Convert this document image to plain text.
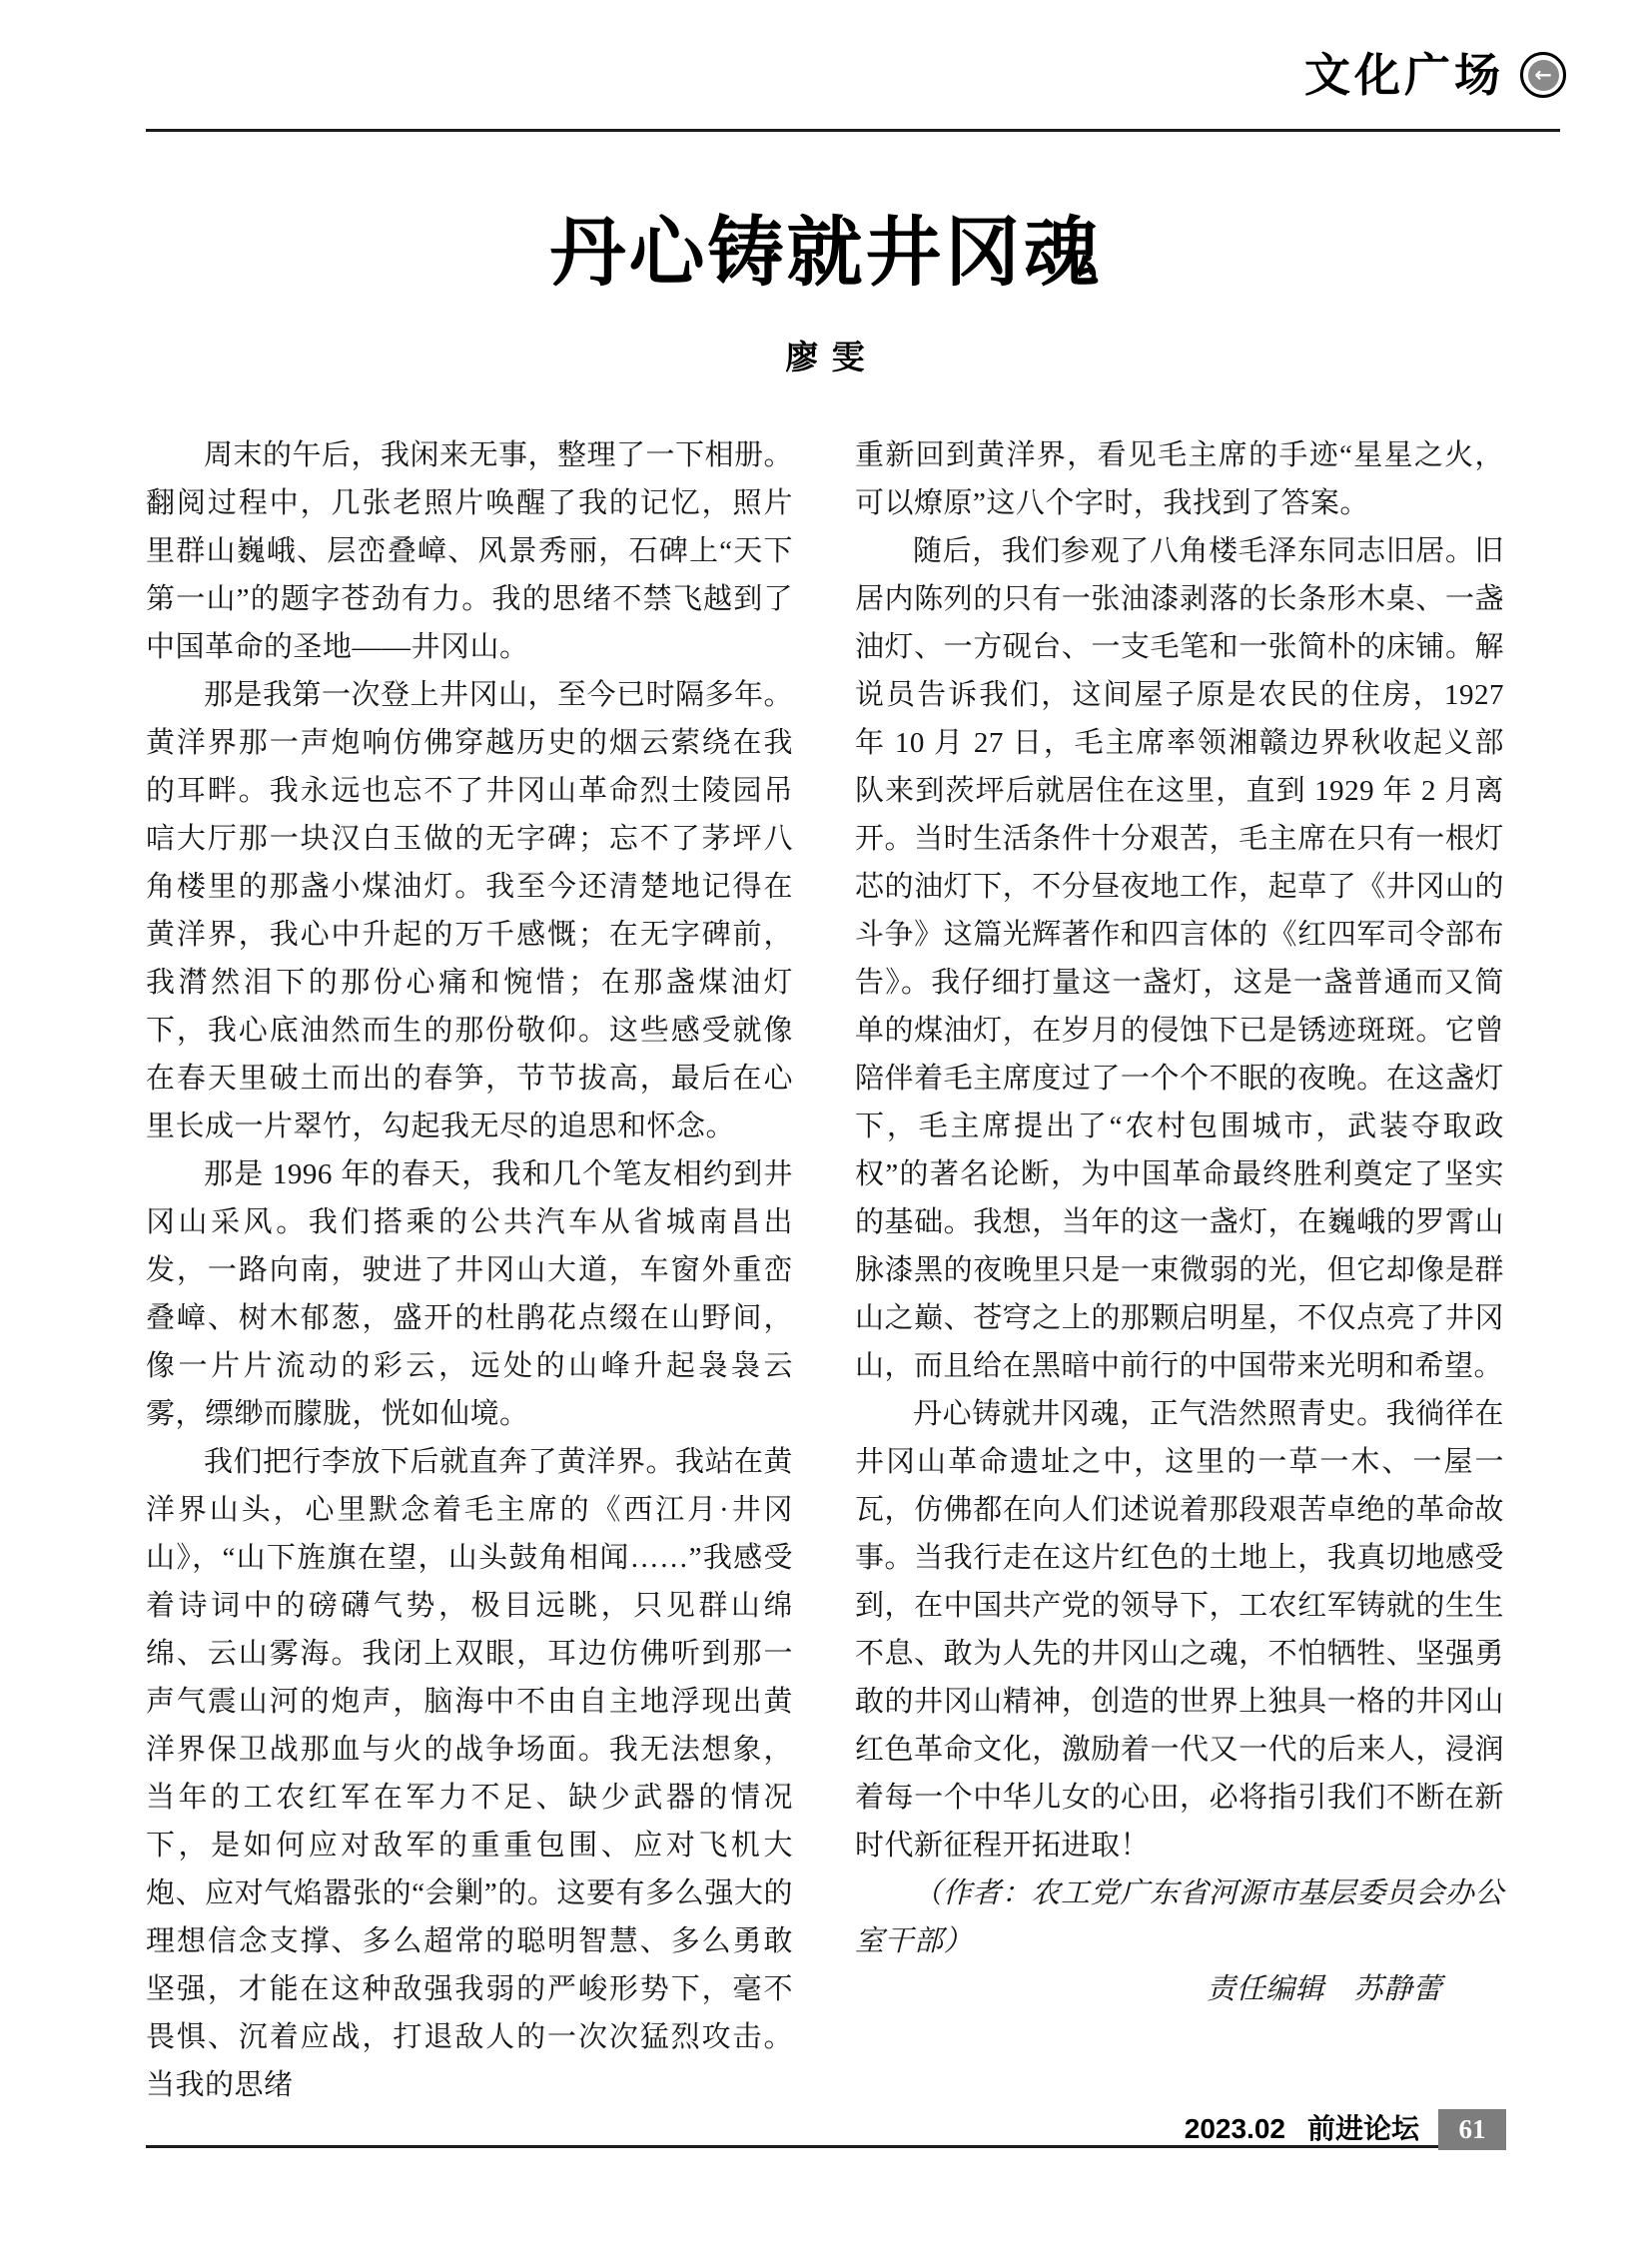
文化广场	←
丹心铸就井冈魂
廖 雯

周末的午后，我闲来无事，整理了一下相册。翻阅过程中，几张老照片唤醒了我的记忆，照片里群山巍峨、层峦叠嶂、风景秀丽，石碑上“天下第一山”的题字苍劲有力。我的思绪不禁飞越到了中国革命的圣地——井冈山。

那是我第一次登上井冈山，至今已时隔多年。黄洋界那一声炮响仿佛穿越历史的烟云萦绕在我的耳畔。我永远也忘不了井冈山革命烈士陵园吊唁大厅那一块汉白玉做的无字碑；忘不了茅坪八角楼里的那盏小煤油灯。我至今还清楚地记得在黄洋界，我心中升起的万千感慨；在无字碑前，我潸然泪下的那份心痛和惋惜；在那盏煤油灯下，我心底油然而生的那份敬仰。这些感受就像在春天里破土而出的春笋，节节拔高，最后在心里长成一片翠竹，勾起我无尽的追思和怀念。

那是 1996 年的春天，我和几个笔友相约到井冈山采风。我们搭乘的公共汽车从省城南昌出发，一路向南，驶进了井冈山大道，车窗外重峦叠嶂、树木郁葱，盛开的杜鹃花点缀在山野间，像一片片流动的彩云，远处的山峰升起袅袅云雾，缥缈而朦胧，恍如仙境。

我们把行李放下后就直奔了黄洋界。我站在黄洋界山头，心里默念着毛主席的《西江月·井冈山》，“山下旌旗在望，山头鼓角相闻……”我感受着诗词中的磅礴气势，极目远眺，只见群山绵绵、云山雾海。我闭上双眼，耳边仿佛听到那一声气震山河的炮声，脑海中不由自主地浮现出黄洋界保卫战那血与火的战争场面。我无法想象，当年的工农红军在军力不足、缺少武器的情况下，是如何应对敌军的重重包围、应对飞机大炮、应对气焰嚣张的“会剿”的。这要有多么强大的理想信念支撑、多么超常的聪明智慧、多么勇敢坚强，才能在这种敌强我弱的严峻形势下，毫不畏惧、沉着应战，打退敌人的一次次猛烈攻击。当我的思绪

重新回到黄洋界，看见毛主席的手迹“星星之火，可以燎原”这八个字时，我找到了答案。

随后，我们参观了八角楼毛泽东同志旧居。旧居内陈列的只有一张油漆剥落的长条形木桌、一盏油灯、一方砚台、一支毛笔和一张简朴的床铺。解说员告诉我们，这间屋子原是农民的住房，1927 年 10 月 27 日，毛主席率领湘赣边界秋收起义部队来到茨坪后就居住在这里，直到 1929 年 2 月离开。当时生活条件十分艰苦，毛主席在只有一根灯芯的油灯下，不分昼夜地工作，起草了《井冈山的斗争》这篇光辉著作和四言体的《红四军司令部布告》。我仔细打量这一盏灯，这是一盏普通而又简单的煤油灯，在岁月的侵蚀下已是锈迹斑斑。它曾陪伴着毛主席度过了一个个不眠的夜晚。在这盏灯下，毛主席提出了“农村包围城市，武装夺取政权”的著名论断，为中国革命最终胜利奠定了坚实的基础。我想，当年的这一盏灯，在巍峨的罗霄山脉漆黑的夜晚里只是一束微弱的光，但它却像是群山之巅、苍穹之上的那颗启明星，不仅点亮了井冈山，而且给在黑暗中前行的中国带来光明和希望。

丹心铸就井冈魂，正气浩然照青史。我徜徉在井冈山革命遗址之中，这里的一草一木、一屋一瓦，仿佛都在向人们述说着那段艰苦卓绝的革命故事。当我行走在这片红色的土地上，我真切地感受到，在中国共产党的领导下，工农红军铸就的生生不息、敢为人先的井冈山之魂，不怕牺牲、坚强勇敢的井冈山精神，创造的世界上独具一格的井冈山红色革命文化，激励着一代又一代的后来人，浸润着每一个中华儿女的心田，必将指引我们不断在新时代新征程开拓进取！

（作者：农工党广东省河源市基层委员会办公室干部）

责任编辑　苏静蕾

2023.02 前进论坛	61
